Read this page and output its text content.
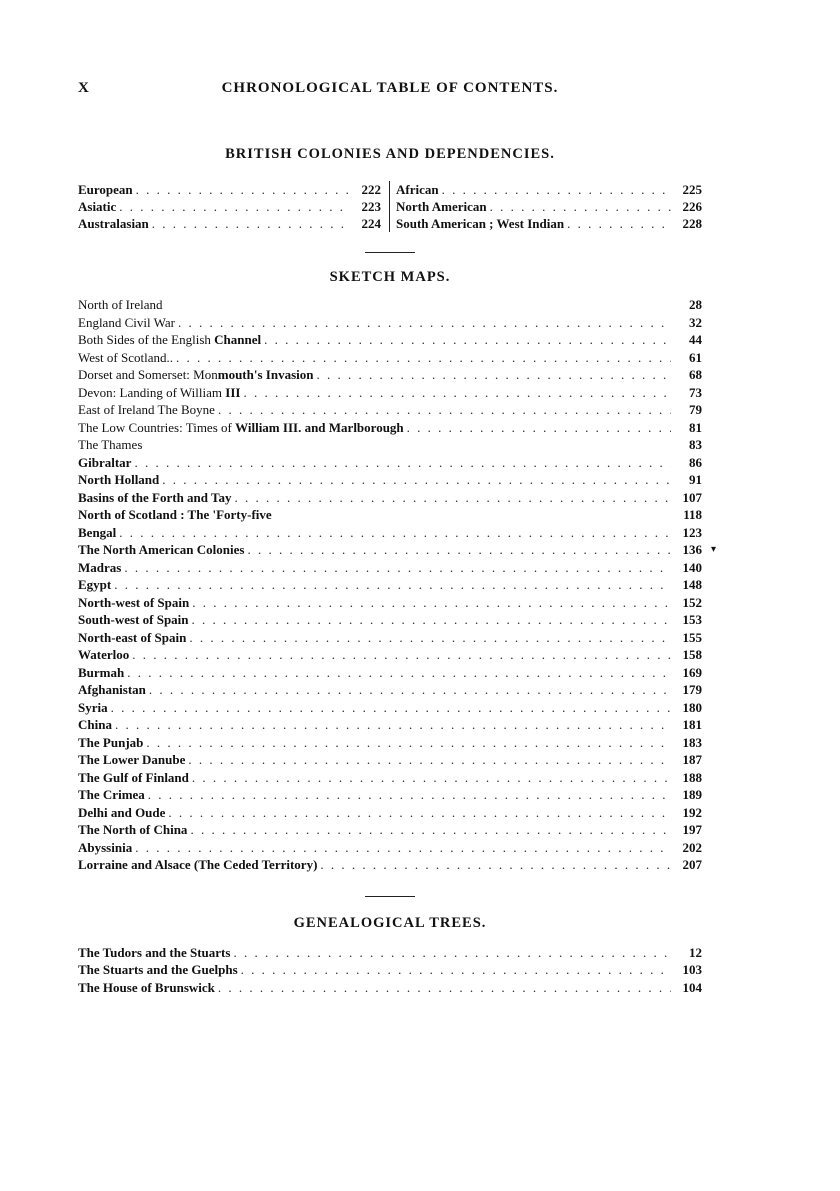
X	CHRONOLOGICAL TABLE OF CONTENTS.
BRITISH COLONIES AND DEPENDENCIES.
European . . .	222
Asiatic . . .	223
Australasian . . .	224
African . . .	225
North American . . .	226
South American ; West Indian . . .	228
SKETCH MAPS.
North of Ireland	28
England Civil War . . .	32
Both Sides of the English Channel . . .	44
West of Scotland.. . . .	61
Dorset and Somerset: Monmouth's Invasion . . .	68
Devon: Landing of William III . . .	73
East of Ireland The Boyne . . .	79
The Low Countries: Times of William III. and Marlborough . . .	81
The Thames	83
Gibraltar . . .	86
North Holland . . .	91
Basins of the Forth and Tay . . .	107
North of Scotland : The 'Forty-five	118
Bengal . . .	123
The North American Colonies . . .	136 ▾
Madras . . .	140
Egypt . . .	148
North-west of Spain . . .	152
South-west of Spain . . .	153
North-east of Spain . . .	155
Waterloo . . .	158
Burmah . . .	169
Afghanistan . . .	179
Syria . . .	180
China . . .	181
The Punjab . . .	183
The Lower Danube . . .	187
The Gulf of Finland . . .	188
The Crimea . . .	189
Delhi and Oude . . .	192
The North of China . . .	197
Abyssinia . . .	202
Lorraine and Alsace (The Ceded Territory) . . .	207
GENEALOGICAL TREES.
The Tudors and the Stuarts . . .	12
The Stuarts and the Guelphs . . .	103
The House of Brunswick . . .	104
